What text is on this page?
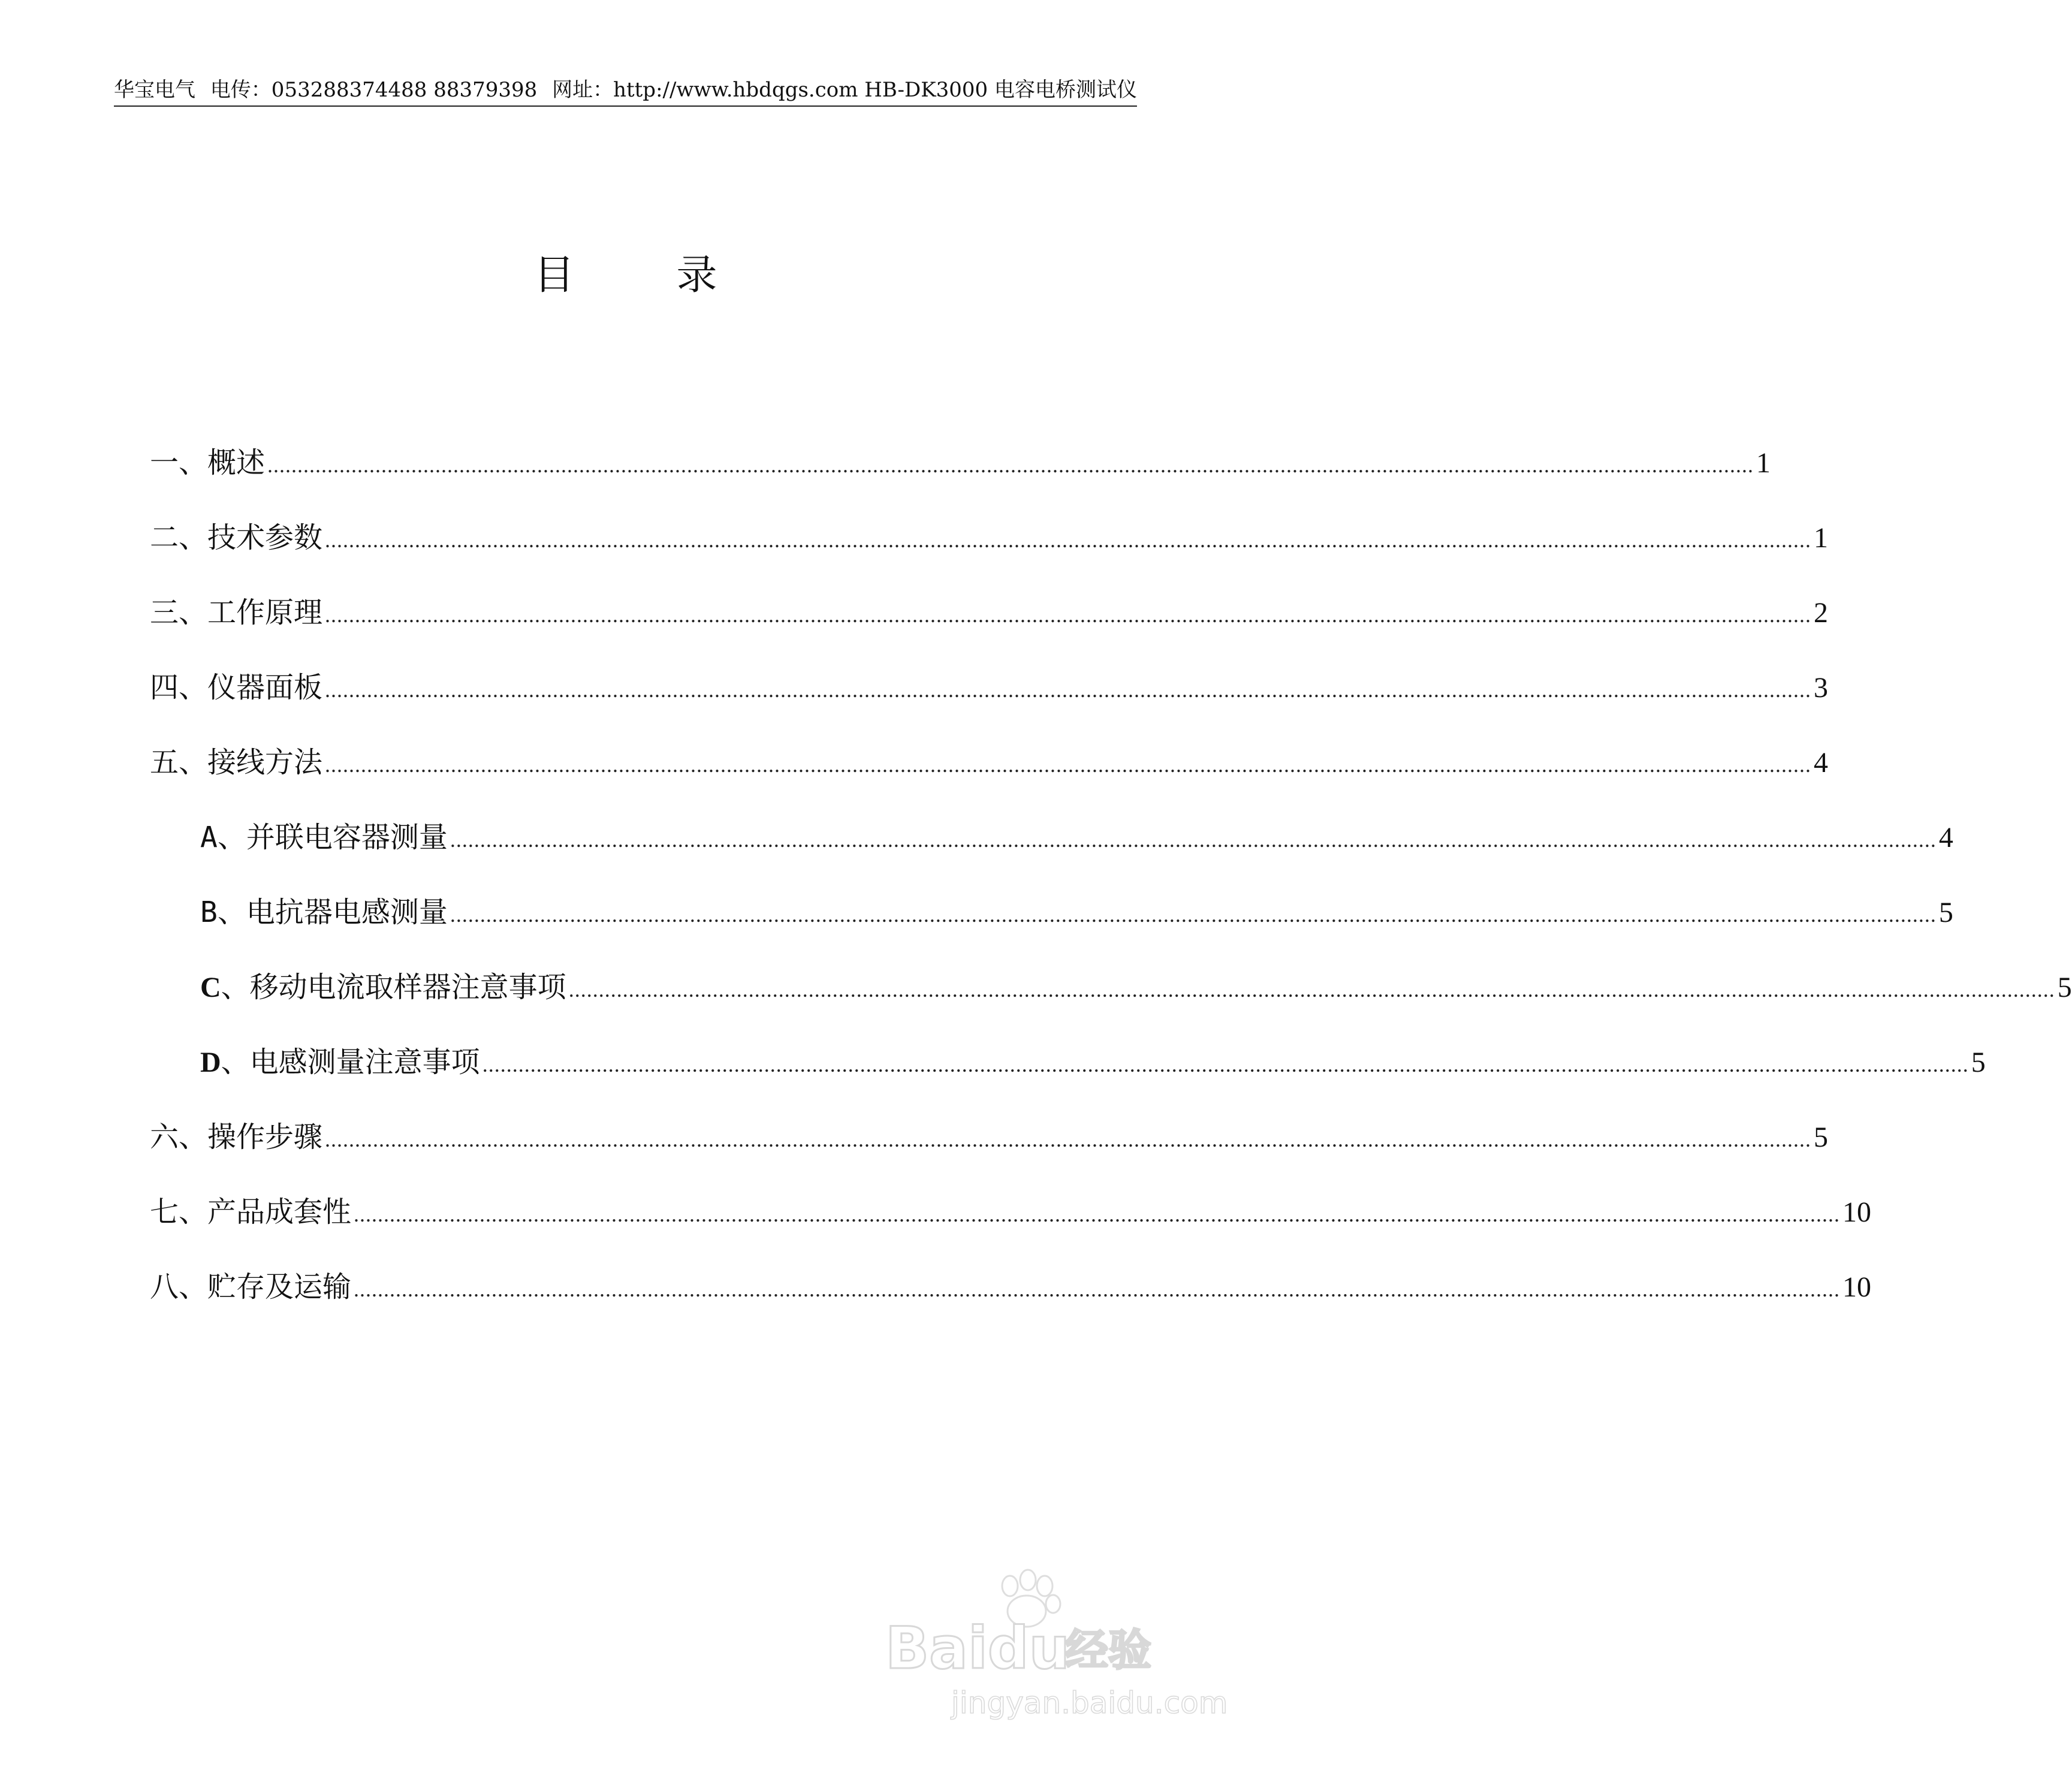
华宝电气 电传：053288374488 88379398 网址：http://www.hbdqgs.com HB-DK3000 电容电桥测试仪
目录
一、概述 .....	1
二、技术参数 .....	1
三、工作原理 .....	2
四、仪器面板 .....	3
五、接线方法 .....	4
A、并联电容器测量 .....	4
B、电抗器电感测量 .....	5
C、移动电流取样器注意事项 .....	5
D、电感测量注意事项 .....	5
六、操作步骤 .....	5
七、产品成套性 .....	10
八、贮存及运输 .....	10
Baidu
经验
jingyan.baidu.com
